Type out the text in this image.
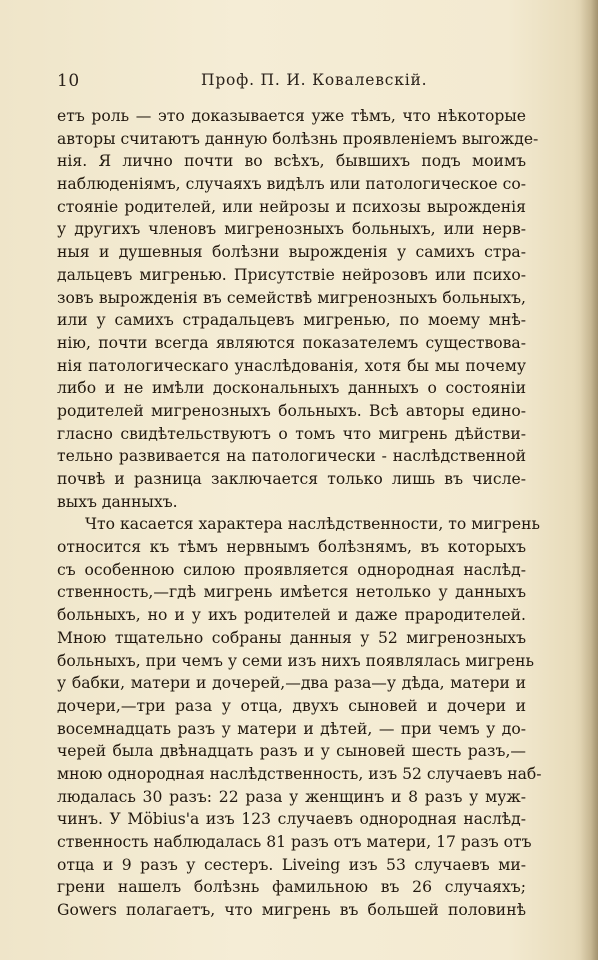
10	Проф. П. И. Ковалевскій.
етъ роль — это доказывается уже тѣмъ, что нѣкоторые
авторы считаютъ данную болѣзнь проявленіемъ выrожде-
нія. Я лично почти во всѣхъ, бывшихъ подъ моимъ
наблюденіямъ, случаяхъ видѣлъ или патологическое со-
стояніе родителей, или нейрозы и психозы вырожденія
у другихъ членовъ мигренозныхъ больныхъ, или нерв-
ныя и душевныя болѣзни вырожденія у самихъ стра-
дальцевъ мигренью. Присутствіе нейрозовъ или психо-
зовъ вырожденія въ семействѣ мигренозныхъ больныхъ,
или у самихъ страдальцевъ мигренью, по моему мнѣ-
нію, почти всегда являются показателемъ существова-
нія патологическаго унаслѣдованія, хотя бы мы почему
либо и не имѣли доскональныхъ данныхъ о состояніи
родителей мигренозныхъ больныхъ. Всѣ авторы едино-
гласно свидѣтельствуютъ о томъ что мигрень дѣйстви-
тельно развивается на патологически - наслѣдственной
почвѣ и разница заключается только лишь въ числе-
выхъ данныхъ.
Что касается характера наслѣдственности, то мигрень
относится къ тѣмъ нервнымъ болѣзнямъ, въ которыхъ
съ особенною силою проявляется однородная наслѣд-
ственность,—гдѣ мигрень имѣется нетолько у данныхъ
больныхъ, но и у ихъ родителей и даже прародителей.
Мною тщательно собраны данныя у 52 мигренозныхъ
больныхъ, при чемъ у семи изъ нихъ появлялась мигрень
у бабки, матери и дочерей,—два раза—у дѣда, матери и
дочери,—три раза у отца, двухъ сыновей и дочери и
восемнадцать разъ у матери и дѣтей, — при чемъ у до-
черей была двѣнадцать разъ и у сыновей шесть разъ,—
мною однородная наслѣдственность, изъ 52 случаевъ наб-
людалась 30 разъ: 22 раза у женщинъ и 8 разъ у муж-
чинъ. У Möbius'а изъ 123 случаевъ однородная наслѣд-
ственность наблюдалась 81 разъ отъ матери, 17 разъ отъ
отца и 9 разъ у сестеръ. Liveing изъ 53 случаевъ ми-
грени нашелъ болѣзнь фамильною въ 26 случаяхъ;
Gowers полагаетъ, что мигрень въ большей половинѣ
